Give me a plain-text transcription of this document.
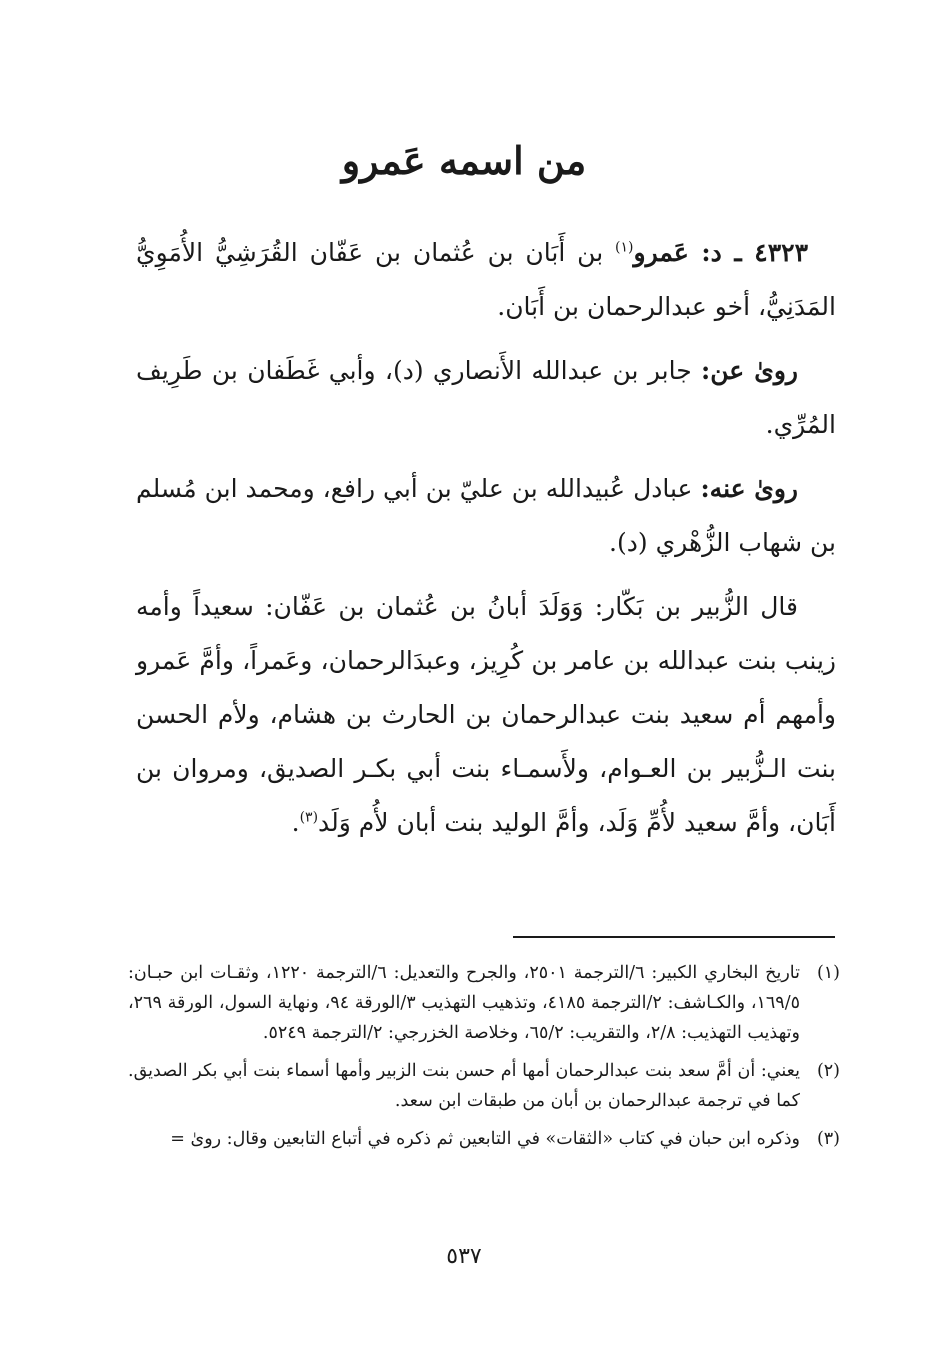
من اسمه عَمرو

٤٣٢٣ ـ د: عَمرو$^{(١)}$ بن أَبَان بن عُثمان بن عَفّان القُرَشِيُّ الأُمَوِيُّ المَدَنِيُّ، أخو عبدالرحمان بن أَبَان.

روىٰ عن: جابر بن عبدالله الأَنصاري (د)، وأبي غَطَفان بن طَرِيف المُرِّي.

روىٰ عنه: عبادل عُبيدالله بن عليّ بن أبي رافع، ومحمد ابن مُسلم بن شهاب الزُّهْري (د).

قال الزُّبير بن بَكّار: وَوَلَدَ أبانُ بن عُثمان بن عَفّان: سعيداً وأمه زينب بنت عبدالله بن عامر بن كُرِيز، وعبدَالرحمان، وعَمراً، وأمَّ عَمرو وأمهم أم سعيد بنت عبدالرحمان بن الحارث بن هشام، ولأم الحسن بنت الـزُّبير بن العـوام، ولأَسمـاء بنت أبي بكـر الصديق، ومروان بن أَبَان، وأمَّ سعيد لأُمِّ وَلَد، وأمَّ الوليد بنت أبان لأُم وَلَد$^{(٣)}$.

(١)
تاريخ البخاري الكبير: ٦/الترجمة ٢٥٠١، والجرح والتعديل: ٦/الترجمة ١٢٢٠، وثقـات ابن حبـان: ١٦٩/٥، والكـاشف: ٢/الترجمة ٤١٨٥، وتذهيب التهذيب ٣/الورقة ٩٤، ونهاية السول، الورقة ٢٦٩، وتهذيب التهذيب: ٢/٨، والتقريب: ٦٥/٢، وخلاصة الخزرجي: ٢/الترجمة ٥٢٤٩.
(٢)
يعني: أن أمَّ سعد بنت عبدالرحمان أمها أم حسن بنت الزبير وأمها أسماء بنت أبي بكر الصديق. كما في ترجمة عبدالرحمان بن أبان من طبقات ابن سعد.
(٣)
وذكره ابن حبان في كتاب «الثقات» في التابعين ثم ذكره في أتباع التابعين وقال: روىٰ =
٥٣٧
